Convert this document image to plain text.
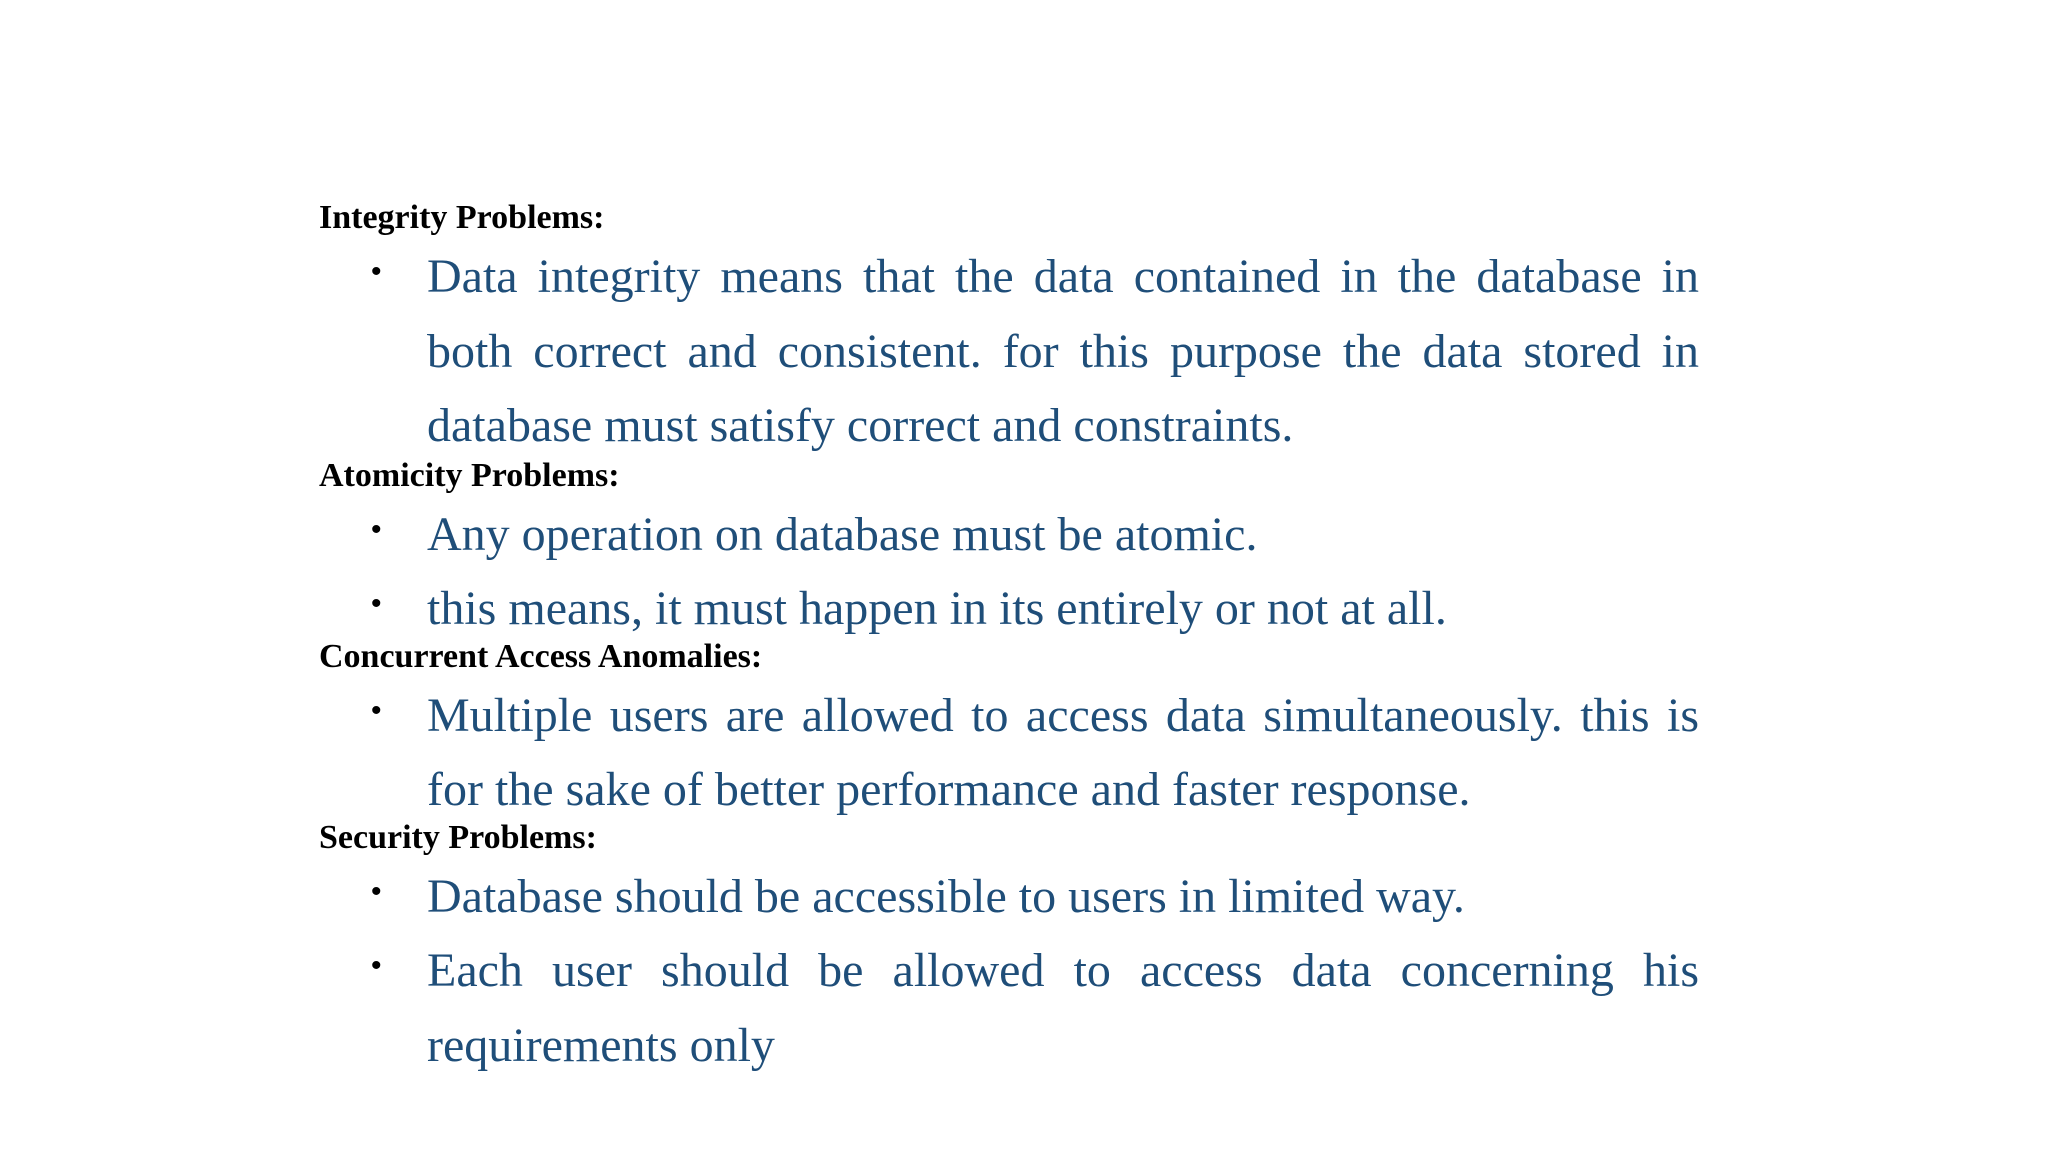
Integrity Problems:
• Data integrity means that the data contained in the database in both correct and consistent. for this purpose the data stored in database must satisfy correct and constraints.
Atomicity Problems:
• Any operation on database must be atomic.
• this means, it must happen in its entirely or not at all.
Concurrent Access Anomalies:
• Multiple users are allowed to access data simultaneously. this is for the sake of better performance and faster response.
Security Problems:
• Database should be accessible to users in limited way.
• Each user should be allowed to access data concerning his requirements only
